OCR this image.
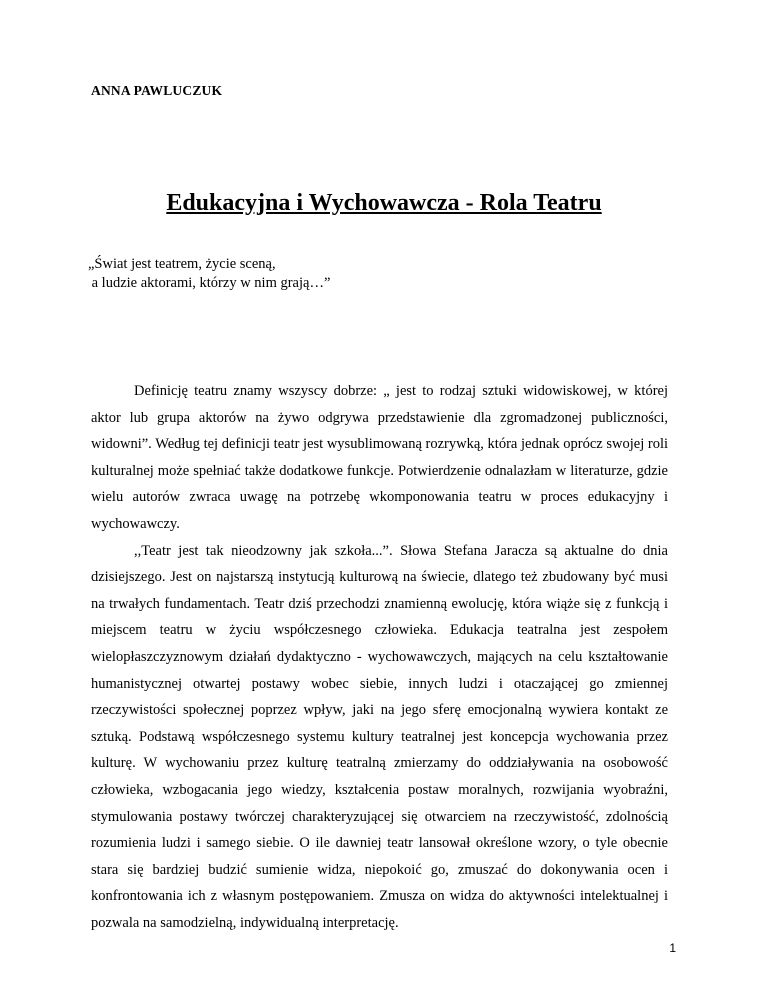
ANNA PAWLUCZUK
Edukacyjna i Wychowawcza - Rola Teatru
„Świat jest teatrem, życie sceną,
a ludzie aktorami, którzy w nim grają…”

Definicję teatru znamy wszyscy dobrze: „ jest to rodzaj sztuki widowiskowej, w której aktor lub grupa aktorów na żywo odgrywa przedstawienie dla zgromadzonej publiczności, widowni”. Według tej definicji teatr jest wysublimowaną rozrywką, która jednak oprócz swojej roli kulturalnej może spełniać także dodatkowe funkcje. Potwierdzenie odnalazłam w literaturze, gdzie wielu autorów zwraca uwagę na potrzebę wkomponowania teatru w proces edukacyjny i wychowawczy.

,,Teatr jest tak nieodzowny jak szkoła...”. Słowa Stefana Jaracza są aktualne do dnia dzisiejszego. Jest on najstarszą instytucją kulturową na świecie, dlatego też zbudowany być musi na trwałych fundamentach. Teatr dziś przechodzi znamienną ewolucję, która wiąże się z funkcją i miejscem teatru w życiu współczesnego człowieka. Edukacja teatralna jest zespołem wielopłaszczyznowym działań dydaktyczno - wychowawczych, mających na celu kształtowanie humanistycznej otwartej postawy wobec siebie, innych ludzi i otaczającej go zmiennej rzeczywistości społecznej poprzez wpływ, jaki na jego sferę emocjonalną wywiera kontakt ze sztuką. Podstawą współczesnego systemu kultury teatralnej jest koncepcja wychowania przez kulturę. W wychowaniu przez kulturę teatralną zmierzamy do oddziaływania na osobowość człowieka, wzbogacania jego wiedzy, kształcenia postaw moralnych, rozwijania wyobraźni, stymulowania postawy twórczej charakteryzującej się otwarciem na rzeczywistość, zdolnością rozumienia ludzi i samego siebie. O ile dawniej teatr lansował określone wzory, o tyle obecnie stara się bardziej budzić sumienie widza, niepokoić go, zmuszać do dokonywania ocen i konfrontowania ich z własnym postępowaniem. Zmusza on widza do aktywności intelektualnej i pozwala na samodzielną, indywidualną interpretację.

1
